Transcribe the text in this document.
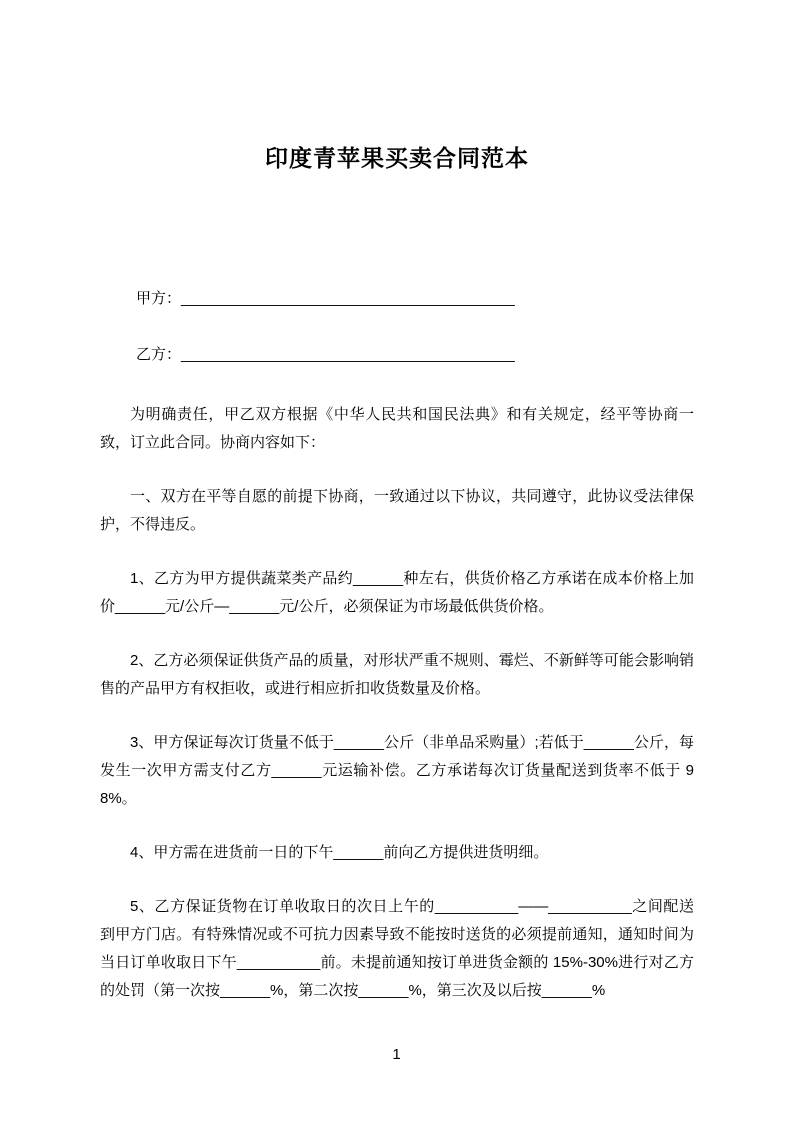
印度青苹果买卖合同范本

甲方：________________________________________

乙方：________________________________________

为明确责任，甲乙双方根据《中华人民共和国民法典》和有关规定，经平等协商一致，订立此合同。协商内容如下：

一、双方在平等自愿的前提下协商，一致通过以下协议，共同遵守，此协议受法律保护，不得违反。

1、乙方为甲方提供蔬菜类产品约______种左右，供货价格乙方承诺在成本价格上加价______元/公斤—______元/公斤，必须保证为市场最低供货价格。

2、乙方必须保证供货产品的质量，对形状严重不规则、霉烂、不新鲜等可能会影响销售的产品甲方有权拒收，或进行相应折扣收货数量及价格。

3、甲方保证每次订货量不低于______公斤（非单品采购量）;若低于______公斤，每发生一次甲方需支付乙方______元运输补偿。乙方承诺每次订货量配送到货率不低于 98%。

4、甲方需在进货前一日的下午______前向乙方提供进货明细。

5、乙方保证货物在订单收取日的次日上午的__________——__________之间配送到甲方门店。有特殊情况或不可抗力因素导致不能按时送货的必须提前通知，通知时间为当日订单收取日下午__________前。未提前通知按订单进货金额的 15%-30%进行对乙方的处罚（第一次按______%，第二次按______%，第三次及以后按______%

1
